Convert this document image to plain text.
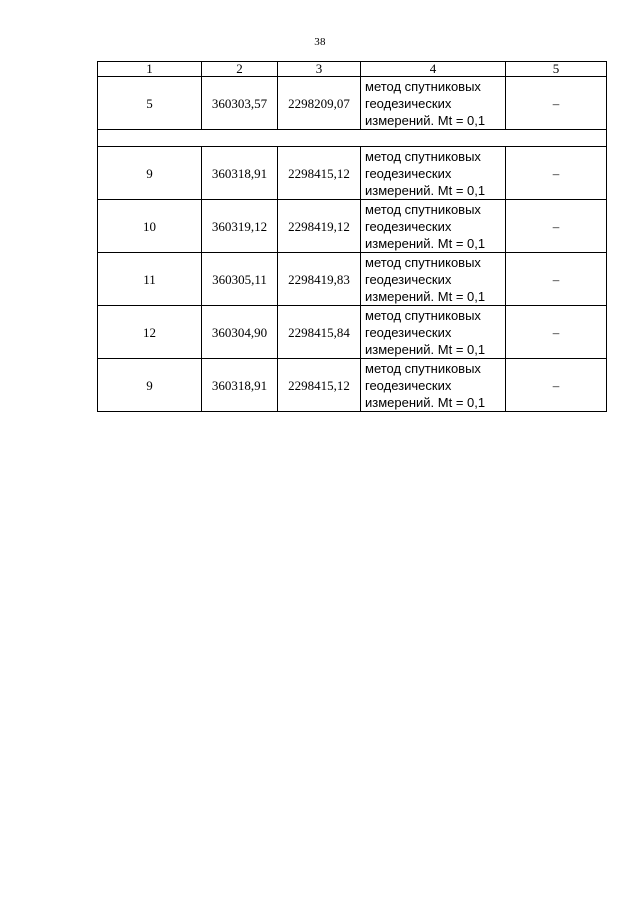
38
1	2	3	4	5
5	360303,57	2298209,07	метод спутниковых
геодезических
измерений. Mt = 0,1	–

9	360318,91	2298415,12	метод спутниковых
геодезических
измерений. Mt = 0,1	–
10	360319,12	2298419,12	метод спутниковых
геодезических
измерений. Mt = 0,1	–
11	360305,11	2298419,83	метод спутниковых
геодезических
измерений. Mt = 0,1	–
12	360304,90	2298415,84	метод спутниковых
геодезических
измерений. Mt = 0,1	–
9	360318,91	2298415,12	метод спутниковых
геодезических
измерений. Mt = 0,1	–
